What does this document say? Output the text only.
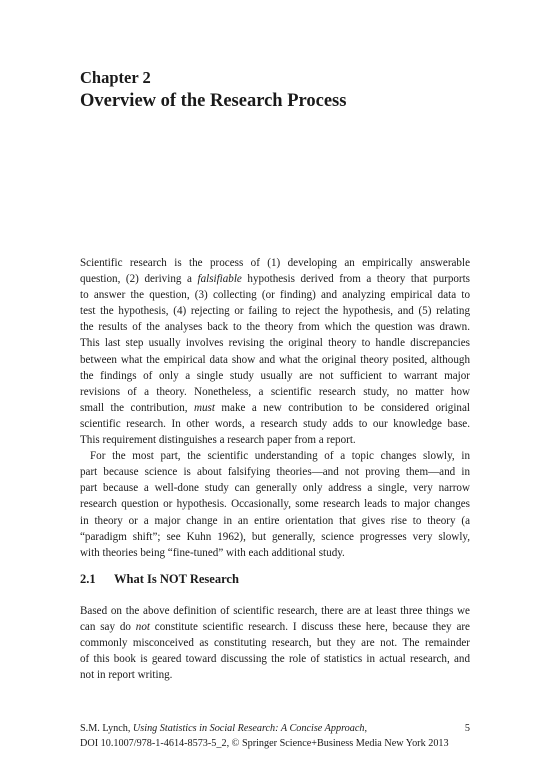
Chapter 2
Overview of the Research Process

Scientific research is the process of (1) developing an empirically answerable
question, (2) deriving a falsifiable hypothesis derived from a theory that purports
to answer the question, (3) collecting (or finding) and analyzing empirical data to
test the hypothesis, (4) rejecting or failing to reject the hypothesis, and (5) relating
the results of the analyses back to the theory from which the question was drawn.
This last step usually involves revising the original theory to handle discrepancies
between what the empirical data show and what the original theory posited, although
the findings of only a single study usually are not sufficient to warrant major
revisions of a theory. Nonetheless, a scientific research study, no matter how
small the contribution, must make a new contribution to be considered original
scientific research. In other words, a research study adds to our knowledge base.
This requirement distinguishes a research paper from a report.

For the most part, the scientific understanding of a topic changes slowly, in
part because science is about falsifying theories—and not proving them—and in
part because a well-done study can generally only address a single, very narrow
research question or hypothesis. Occasionally, some research leads to major changes
in theory or a major change in an entire orientation that gives rise to theory (a
“paradigm shift”; see Kuhn 1962), but generally, science progresses very slowly,
with theories being “fine-tuned” with each additional study.

2.1 What Is NOT Research

Based on the above definition of scientific research, there are at least three things we
can say do not constitute scientific research. I discuss these here, because they are
commonly misconceived as constituting research, but they are not. The remainder
of this book is geared toward discussing the role of statistics in actual research, and
not in report writing.

S.M. Lynch, Using Statistics in Social Research: A Concise Approach,	5
DOI 10.1007/978-1-4614-8573-5_2, © Springer Science+Business Media New York 2013
